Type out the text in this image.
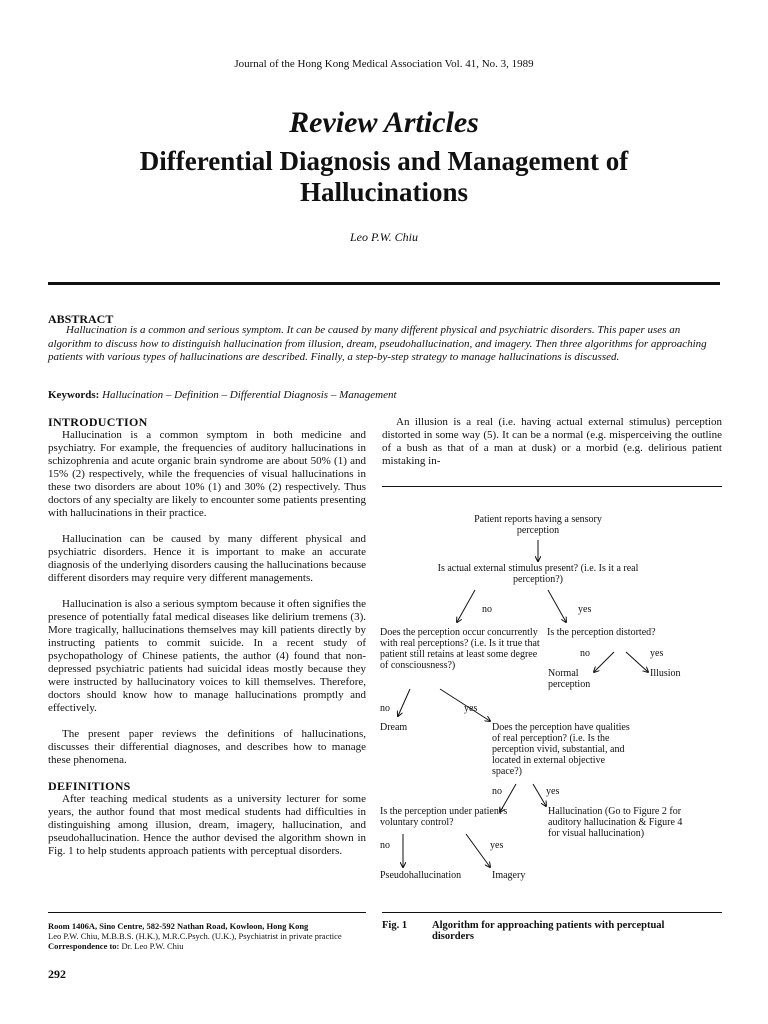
Journal of the Hong Kong Medical Association Vol. 41, No. 3, 1989
Review Articles
Differential Diagnosis and Management of Hallucinations
Leo P.W. Chiu
ABSTRACT
Hallucination is a common and serious symptom. It can be caused by many different physical and psychiatric disorders. This paper uses an algorithm to discuss how to distinguish hallucination from illusion, dream, pseudohallucination, and imagery. Then three algorithms for approaching patients with various types of hallucinations are described. Finally, a step-by-step strategy to manage hallucinations is discussed.
Keywords: Hallucination – Definition – Differential Diagnosis – Management
INTRODUCTION

Hallucination is a common symptom in both medicine and psychiatry. For example, the frequencies of auditory hallucinations in schizophrenia and acute organic brain syndrome are about 50% (1) and 15% (2) respectively, while the frequencies of visual hallucinations in these two disorders are about 10% (1) and 30% (2) respectively. Thus doctors of any specialty are likely to encounter some patients presenting with hallucinations in their practice.

Hallucination can be caused by many different physical and psychiatric disorders. Hence it is important to make an accurate diagnosis of the underlying disorders causing the hallucinations because different disorders may require very different managements.

Hallucination is also a serious symptom because it often signifies the presence of potentially fatal medical diseases like delirium tremens (3). More tragically, hallucinations themselves may kill patients directly by instructing patients to commit suicide. In a recent study of psychopathology of Chinese patients, the author (4) found that non-depressed psychiatric patients had suicidal ideas mostly because they were instructed by hallucinatory voices to kill themselves. Therefore, doctors should know how to manage hallucinations promptly and effectively.

The present paper reviews the definitions of hallucinations, discusses their differential diagnoses, and describes how to manage these phenomena.

DEFINITIONS

After teaching medical students as a university lecturer for some years, the author found that most medical students had difficulties in distinguishing among illusion, dream, imagery, hallucination, and pseudohallucination. Hence the author devised the algorithm shown in Fig. 1 to help students approach patients with perceptual disorders.

An illusion is a real (i.e. having actual external stimulus) perception distorted in some way (5). It can be a normal (e.g. misperceiving the outline of a bush as that of a man at dusk) or a morbid (e.g. delirious patient mistaking in-

Patient reports having a sensory perception
Is actual external stimulus present? (i.e. Is it a real perception?)
no	yes
Does the perception occur concurrently with real perceptions? (i.e. Is it true that patient still retains at least some degree of consciousness?)
Is the perception distorted?
no	yes
Normal perception
Illusion
no	yes
Dream	Does the perception have qualities of real perception? (i.e. Is the perception vivid, substantial, and located in external objective space?)
no	yes
Is the perception under patient's voluntary control?
Hallucination (Go to Figure 2 for auditory hallucination & Figure 4 for visual hallucination)
no	yes
Pseudohallucination	Imagery
Fig. 1 Algorithm for approaching patients with perceptual disorders
Room 1406A, Sino Centre, 582-592 Nathan Road, Kowloon, Hong Kong
Leo P.W. Chiu, M.B.B.S. (H.K.), M.R.C.Psych. (U.K.), Psychiatrist in private practice
Correspondence to: Dr. Leo P.W. Chiu
292
